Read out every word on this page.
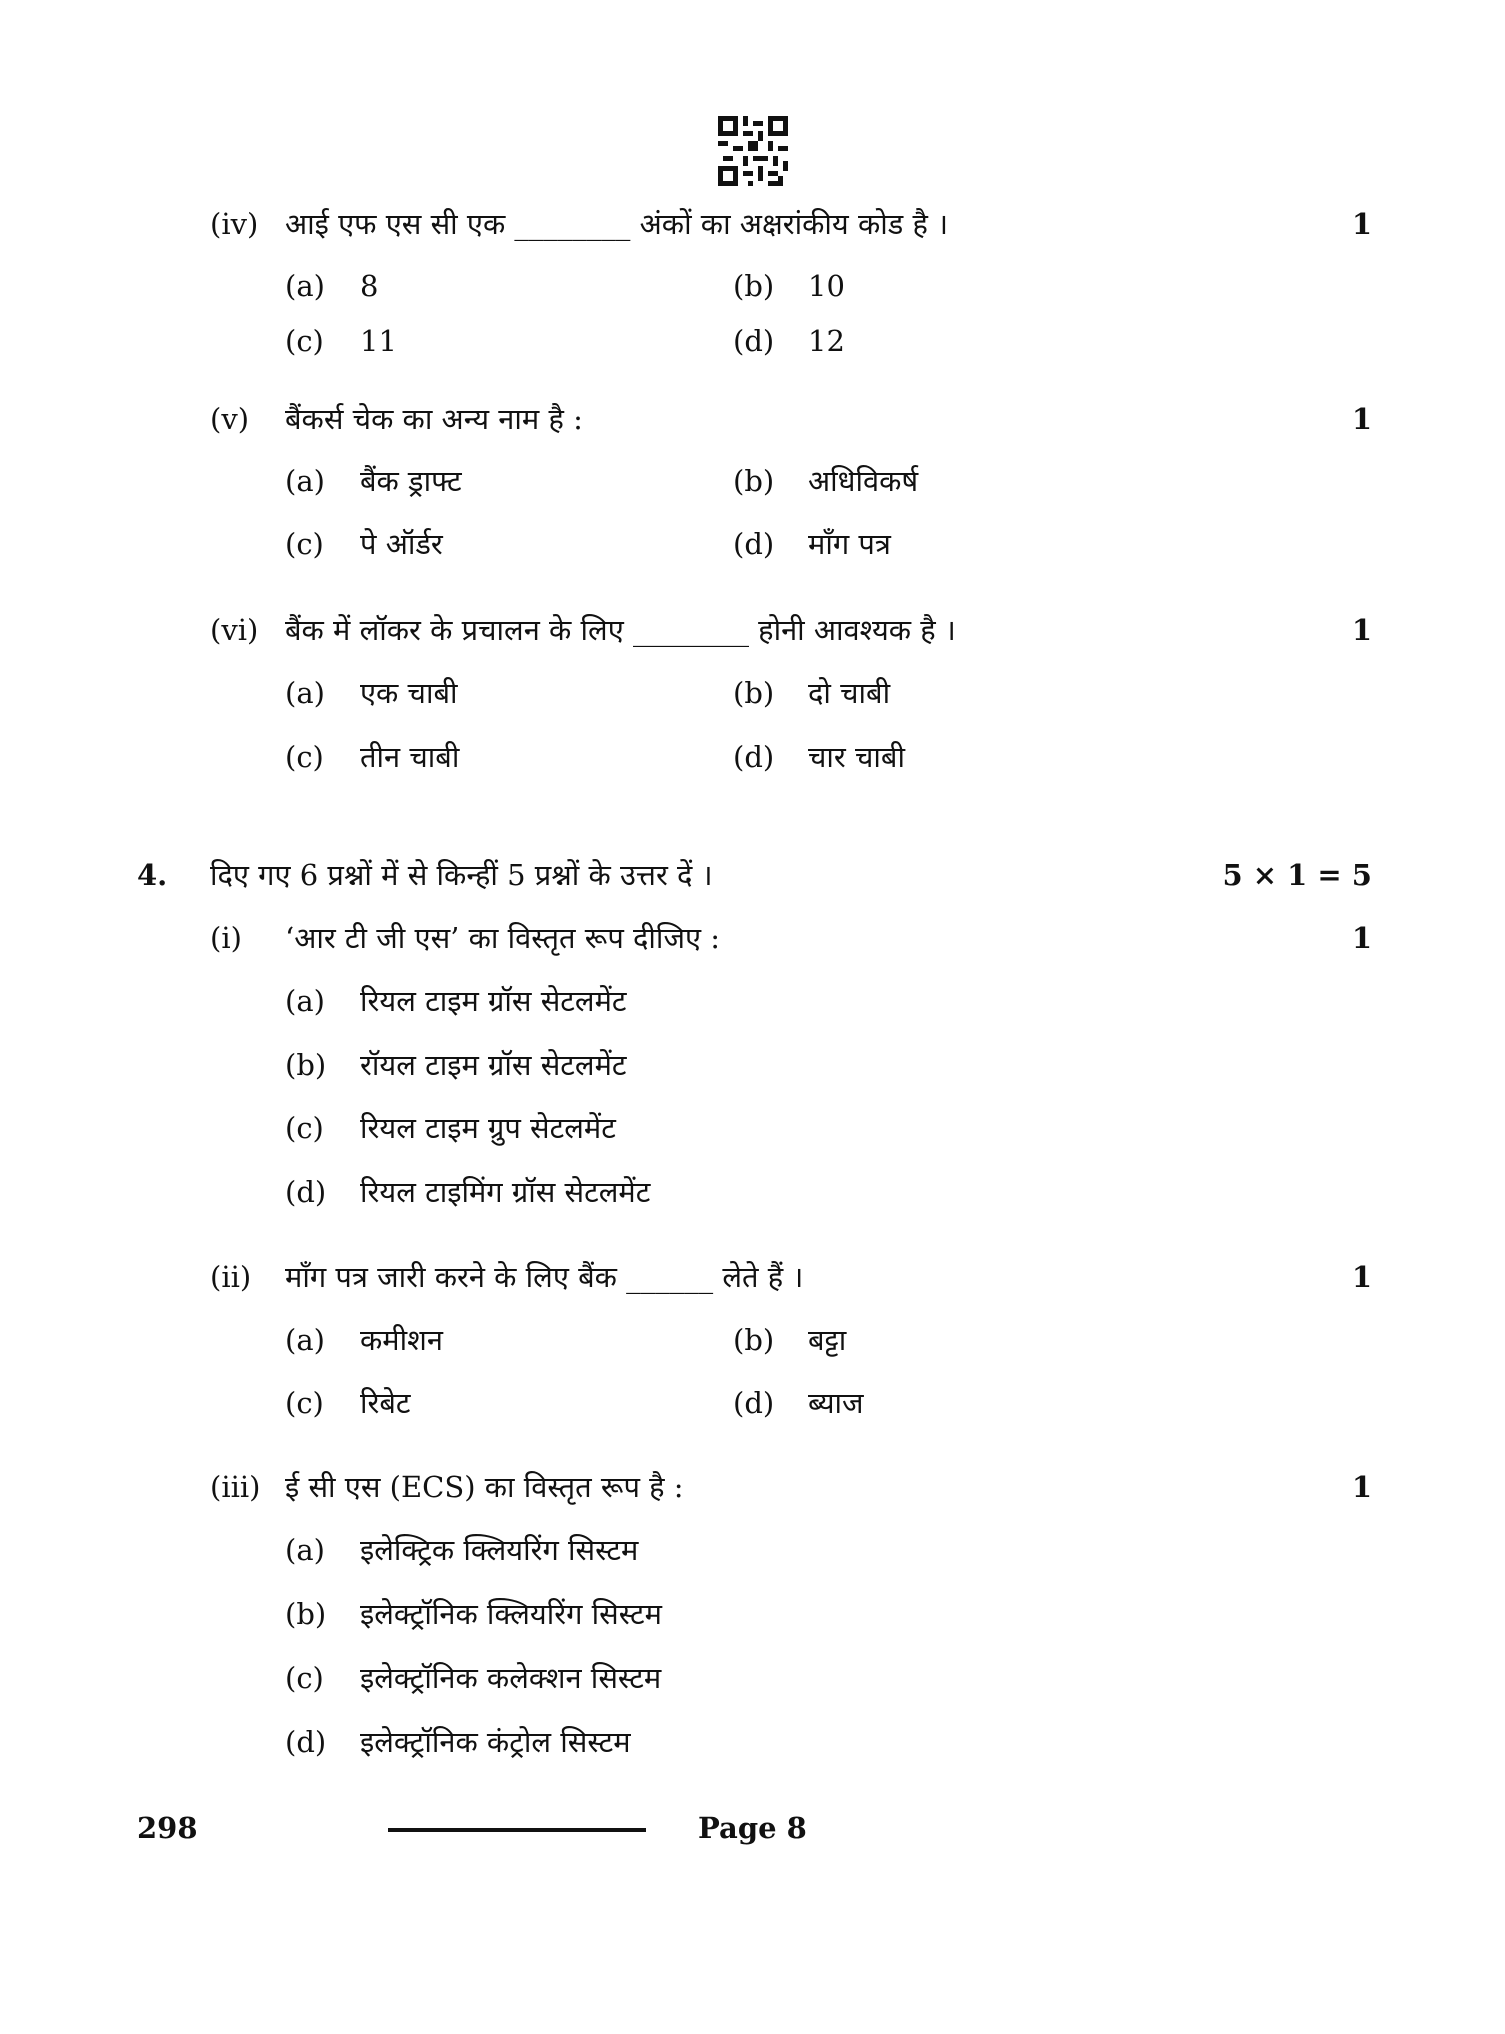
(iv) आई एफ एस सी एक ________ अंकों का अक्षरांकीय कोड है ।	1
(a) 8	(b) 10
(c) 11	(d) 12
(v) बैंकर्स चेक का अन्य नाम है :	1
(a) बैंक ड्राफ्ट	(b) अधिविकर्ष
(c) पे ऑर्डर	(d) माँग पत्र
(vi) बैंक में लॉकर के प्रचालन के लिए ________ होनी आवश्यक है ।	1
(a) एक चाबी	(b) दो चाबी
(c) तीन चाबी	(d) चार चाबी
4. दिए गए 6 प्रश्नों में से किन्हीं 5 प्रश्नों के उत्तर दें ।	5 × 1 = 5
(i) ‘आर टी जी एस’ का विस्तृत रूप दीजिए :	1
(a) रियल टाइम ग्रॉस सेटलमेंट
(b) रॉयल टाइम ग्रॉस सेटलमेंट
(c) रियल टाइम ग्रुप सेटलमेंट
(d) रियल टाइमिंग ग्रॉस सेटलमेंट
(ii) माँग पत्र जारी करने के लिए बैंक ______ लेते हैं ।	1
(a) कमीशन	(b) बट्टा
(c) रिबेट	(d) ब्याज
(iii) ई सी एस (ECS) का विस्तृत रूप है :	1
(a) इलेक्ट्रिक क्लियरिंग सिस्टम
(b) इलेक्ट्रॉनिक क्लियरिंग सिस्टम
(c) इलेक्ट्रॉनिक कलेक्शन सिस्टम
(d) इलेक्ट्रॉनिक कंट्रोल सिस्टम
298	Page 8
